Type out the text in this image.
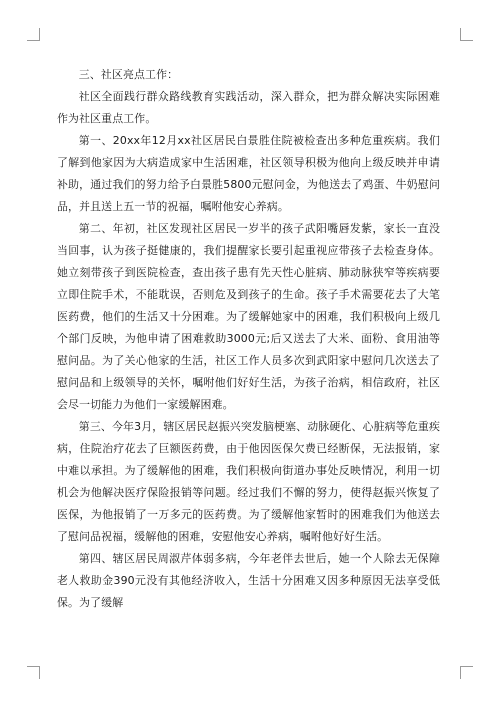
三、社区亮点工作：

社区全面践行群众路线教育实践活动，深入群众，把为群众解决实际困难作为社区重点工作。

第一、20xx年12月xx社区居民白景胜住院被检查出多种危重疾病。我们了解到他家因为大病造成家中生活困难，社区领导积极为他向上级反映并申请补助，通过我们的努力给予白景胜5800元慰问金，为他送去了鸡蛋、牛奶慰问品，并且送上五一节的祝福，嘱咐他安心养病。

第二、年初，社区发现社区居民一岁半的孩子武阳嘴唇发紫，家长一直没当回事，认为孩子挺健康的，我们提醒家长要引起重视应带孩子去检查身体。她立刻带孩子到医院检查，查出孩子患有先天性心脏病、肺动脉狭窄等疾病要立即住院手术，不能耽误，否则危及到孩子的生命。孩子手术需要花去了大笔医药费，他们的生活又十分困难。为了缓解她家中的困难，我们积极向上级几个部门反映，为他申请了困难救助3000元;后又送去了大米、面粉、食用油等慰问品。为了关心他家的生活，社区工作人员多次到武阳家中慰问几次送去了慰问品和上级领导的关怀，嘱咐他们好好生活，为孩子治病，相信政府，社区会尽一切能力为他们一家缓解困难。

第三、今年3月，辖区居民赵振兴突发脑梗塞、动脉硬化、心脏病等危重疾病，住院治疗花去了巨额医药费，由于他因医保欠费已经断保，无法报销，家中难以承担。为了缓解他的困难，我们积极向街道办事处反映情况，利用一切机会为他解决医疗保险报销等问题。经过我们不懈的努力，使得赵振兴恢复了医保，为他报销了一万多元的医药费。为了缓解他家暂时的困难我们为他送去了慰问品祝福，缓解他的困难，安慰他安心养病，嘱咐他好好生活。

第四、辖区居民周淑芹体弱多病，今年老伴去世后，她一个人除去无保障老人救助金390元没有其他经济收入，生活十分困难又因多种原因无法享受低保。为了缓解
